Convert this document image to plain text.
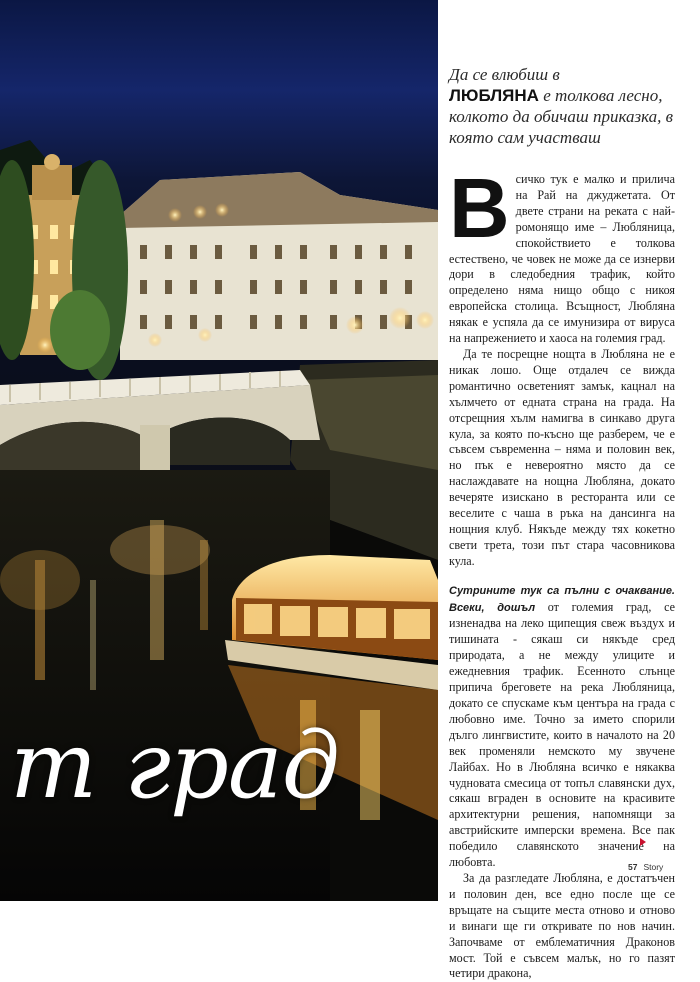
т град
Да се влюбиш в
ЛЮБЛЯНА е толкова лесно, колкото да обичаш приказка, в която сам участваш

Всичко тук е малко и прилича на Рай на джуджетата. От двете страни на реката с най-ромонящо име – Любляница, спокойствието е толкова естествено, че човек не може да се изнерви дори в следобедния трафик, който определено няма нищо общо с никоя европейска столица. Всъщност, Любляна някак е успяла да се имунизира от вируса на напрежението и хаоса на големия град.

Да те посрещне нощта в Любляна не е никак лошо. Още отдалеч се вижда романтично осветеният замък, кацнал на хълмчето от едната страна на града. На отсрещния хълм намигва в синкаво друга кула, за която по-късно ще разберем, че е съвсем съвременна – няма и половин век, но пък е невероятно място да се наслаждавате на нощна Любляна, докато вечеряте изискано в ресторанта или се веселите с чаша в ръка на дансинга на нощния клуб. Някъде между тях кокетно свети трета, този път стара часовникова кула.

Сутрините тук са пълни с очаквание. Всеки, дошъл от големия град, се изненадва на леко щипещия свеж въздух и тишината - сякаш си някъде сред природата, а не между улиците и ежедневния трафик. Есенното слънце припича бреговете на река Любляница, докато се спускаме към центъра на града с любовно име. Точно за името спорили дълго лингвистите, които в началото на 20 век променяли немското му звучене Лайбах. Но в Любляна всичко е някаква чудновата смесица от топъл славянски дух, сякаш вграден в основите на красивите архитектурни решения, напомнящи за австрийските имперски времена. Все пак победило славянското значение на любовта.

За да разгледате Любляна, е достатъчен и половин ден, все едно после ще се връщате на същите места отново и отново и винаги ще ги откривате по нов начин. Започваме от емблематичния Драконов мост. Той е съвсем малък, но го пазят четири дракона,

57 Story
